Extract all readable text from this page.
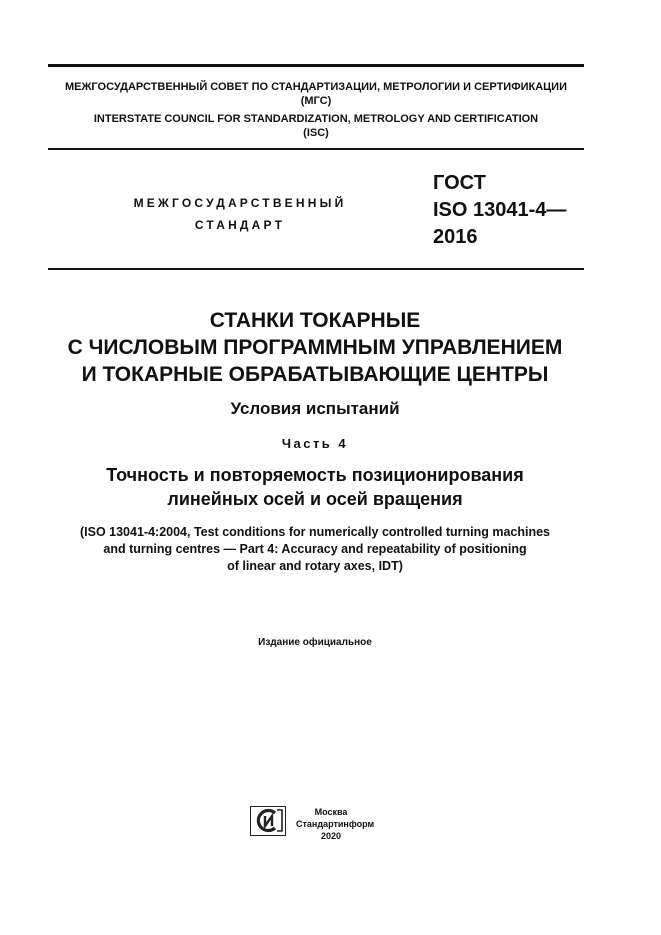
МЕЖГОСУДАРСТВЕННЫЙ СОВЕТ ПО СТАНДАРТИЗАЦИИ, МЕТРОЛОГИИ И СЕРТИФИКАЦИИ
(МГС)
INTERSTATE COUNCIL FOR STANDARDIZATION, METROLOGY AND CERTIFICATION
(ISC)
МЕЖГОСУДАРСТВЕННЫЙ
СТАНДАРТ
ГОСТ
ISO 13041-4—
2016
СТАНКИ ТОКАРНЫЕ
С ЧИСЛОВЫМ ПРОГРАММНЫМ УПРАВЛЕНИЕМ
И ТОКАРНЫЕ ОБРАБАТЫВАЮЩИЕ ЦЕНТРЫ
Условия испытаний
Часть 4
Точность и повторяемость позиционирования
линейных осей и осей вращения
(ISO 13041-4:2004, Test conditions for numerically controlled turning machines
and turning centres — Part 4: Accuracy and repeatability of positioning
of linear and rotary axes, IDT)
Издание официальное
Москва
Стандартинформ
2020
